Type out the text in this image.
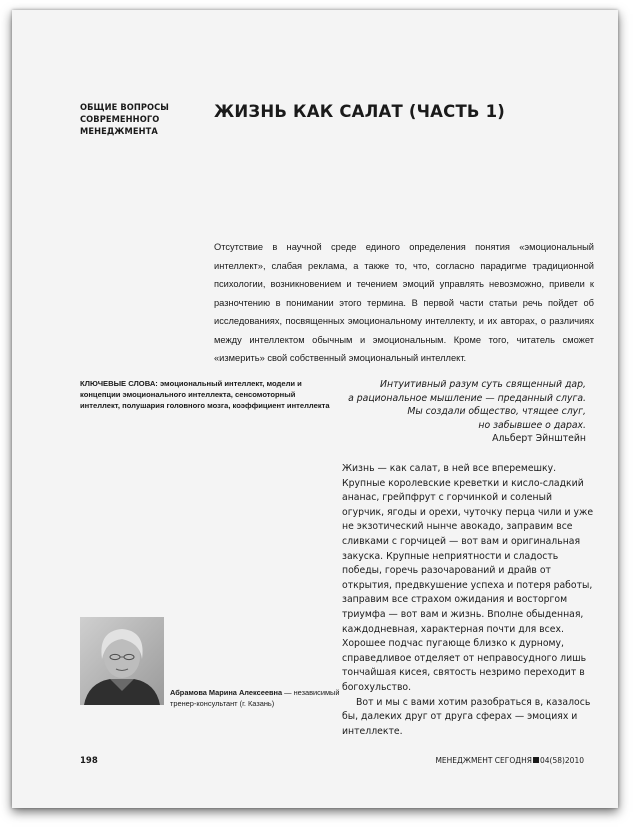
ОБЩИЕ ВОПРОСЫ СОВРЕМЕННОГО МЕНЕДЖМЕНТА
ЖИЗНЬ КАК САЛАТ (ЧАСТЬ 1)
Отсутствие в научной среде единого определения понятия «эмоциональный интеллект», слабая реклама, а также то, что, согласно парадигме традиционной психологии, возникновением и течением эмоций управлять невозможно, привели к разночтению в понимании этого термина. В первой части статьи речь пойдет об исследованиях, посвященных эмоциональному интеллекту, и их авторах, о различиях между интеллектом обычным и эмоциональным. Кроме того, читатель сможет «измерить» свой собственный эмоциональный интеллект.
КЛЮЧЕВЫЕ СЛОВА: эмоциональный интеллект, модели и концепции эмоционального интеллекта, сенсомоторный интеллект, полушария головного мозга, коэффициент интеллекта
Интуитивный разум суть священный дар,
а рациональное мышление — преданный слуга.
Мы создали общество, чтящее слуг,
но забывшее о дарах.
Альберт Эйнштейн

Жизнь — как салат, в ней все вперемешку. Крупные королевские креветки и кисло-сладкий ананас, грейпфрут с горчинкой и соленый огурчик, ягоды и орехи, чуточку перца чили и уже не экзотический нынче авокадо, заправим все сливками с горчицей — вот вам и оригинальная закуска. Крупные неприятности и сладость победы, горечь разочарований и драйв от открытия, предвкушение успеха и потеря работы, заправим все страхом ожидания и восторгом триумфа — вот вам и жизнь. Вполне обыденная, каждодневная, характерная почти для всех. Хорошее подчас пугающе близко к дурному, справедливое отделяет от неправосудного лишь тончайшая кисея, святость незримо переходит в богохульство.

Вот и мы с вами хотим разобраться в, казалось бы, далеких друг от друга сферах — эмоциях и интеллекте.

Абрамова Марина Алексеевна — независимый тренер-консультант (г. Казань)
198	МЕНЕДЖМЕНТ СЕГОДНЯ 04(58)2010
